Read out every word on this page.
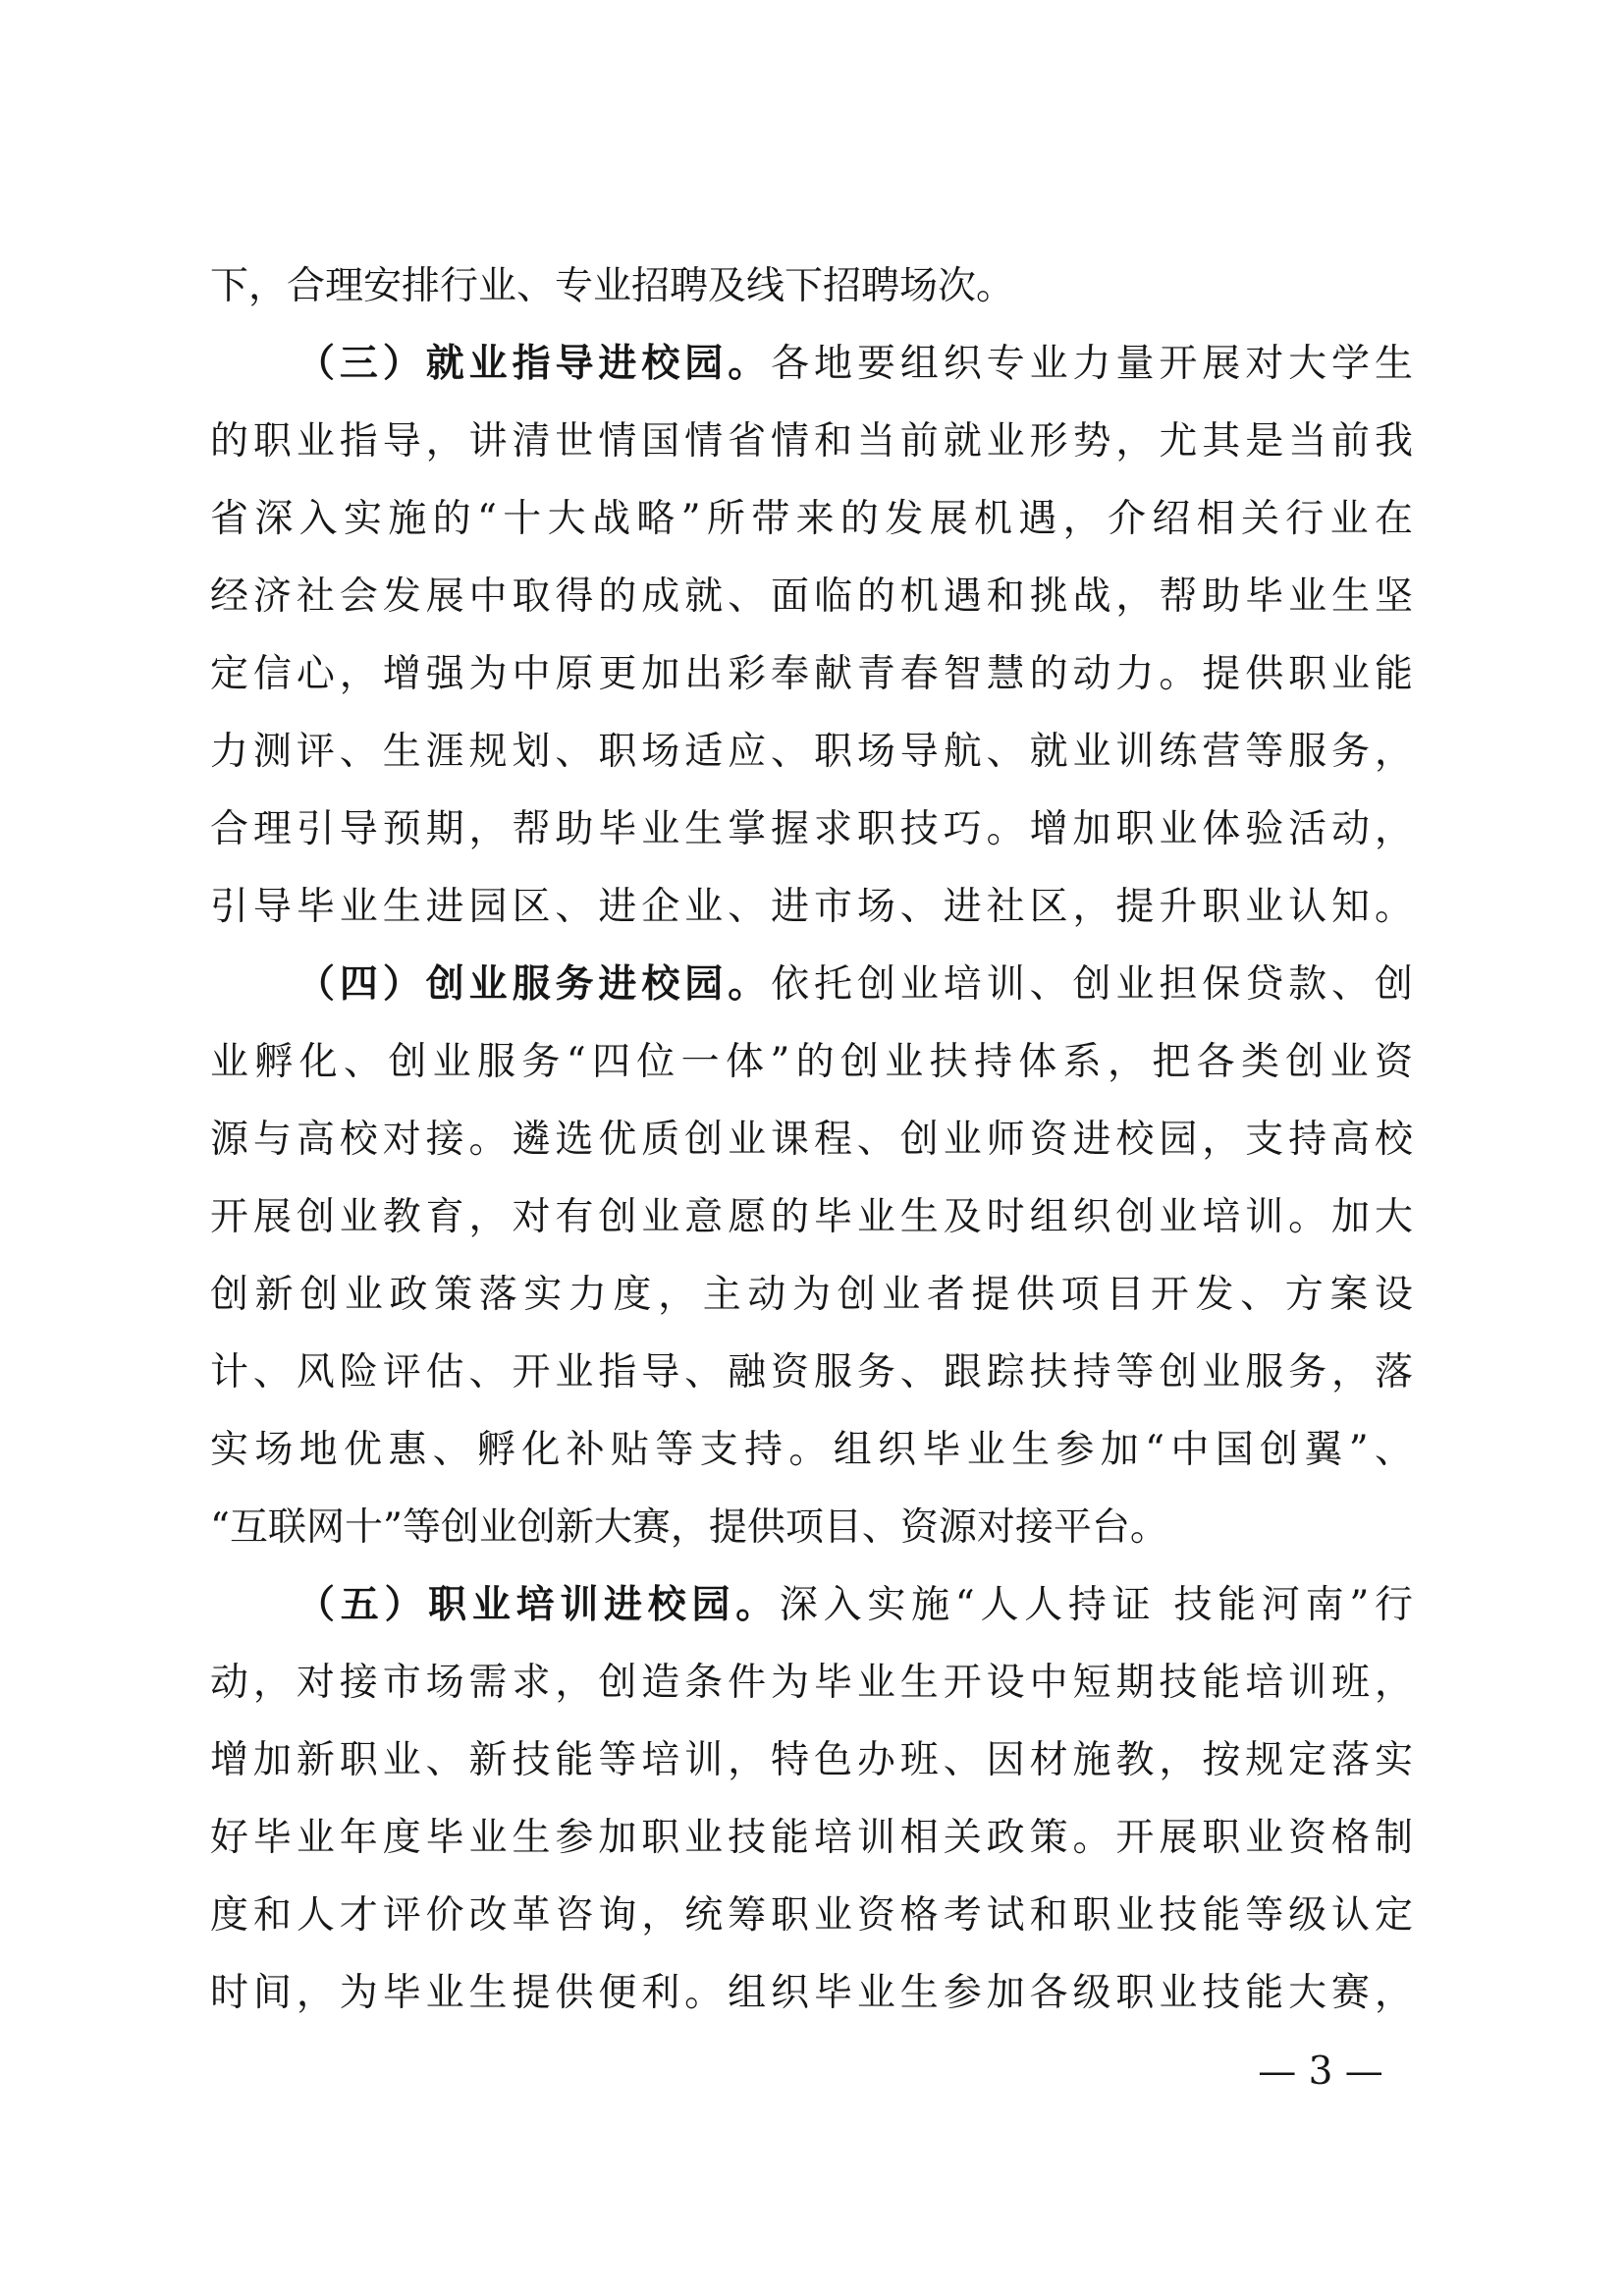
下，合理安排行业、专业招聘及线下招聘场次。
（三）就业指导进校园。各地要组织专业力量开展对大学生
的职业指导，讲清世情国情省情和当前就业形势，尤其是当前我
省深入实施的“十大战略”所带来的发展机遇，介绍相关行业在
经济社会发展中取得的成就、面临的机遇和挑战，帮助毕业生坚
定信心，增强为中原更加出彩奉献青春智慧的动力。提供职业能
力测评、生涯规划、职场适应、职场导航、就业训练营等服务，
合理引导预期，帮助毕业生掌握求职技巧。增加职业体验活动，
引导毕业生进园区、进企业、进市场、进社区，提升职业认知。
（四）创业服务进校园。依托创业培训、创业担保贷款、创
业孵化、创业服务“四位一体”的创业扶持体系，把各类创业资
源与高校对接。遴选优质创业课程、创业师资进校园，支持高校
开展创业教育，对有创业意愿的毕业生及时组织创业培训。加大
创新创业政策落实力度，主动为创业者提供项目开发、方案设
计、风险评估、开业指导、融资服务、跟踪扶持等创业服务，落
实场地优惠、孵化补贴等支持。组织毕业生参加“中国创翼”、
“互联网十”等创业创新大赛，提供项目、资源对接平台。
（五）职业培训进校园。深入实施“人人持证 技能河南”行
动，对接市场需求，创造条件为毕业生开设中短期技能培训班，
增加新职业、新技能等培训，特色办班、因材施教，按规定落实
好毕业年度毕业生参加职业技能培训相关政策。开展职业资格制
度和人才评价改革咨询，统筹职业资格考试和职业技能等级认定
时间，为毕业生提供便利。组织毕业生参加各级职业技能大赛，
— 3 —
